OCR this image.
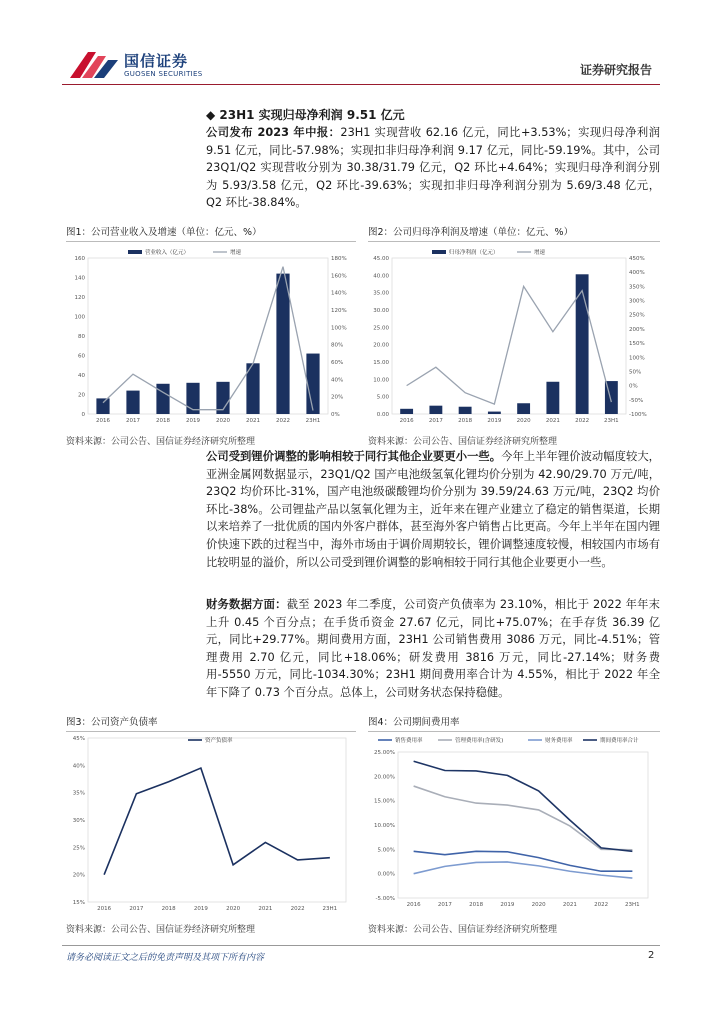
国信证券
GUOSEN SECURITIES	证券研究报告
◆ 23H1 实现归母净利润 9.51 亿元
公司发布 2023 年中报：23H1 实现营收 62.16 亿元，同比+3.53%；实现归母净利润 9.51 亿元，同比-57.98%；实现扣非归母净利润 9.17 亿元，同比-59.19%。其中，公司 23Q1/Q2 实现营收分别为 30.38/31.79 亿元，Q2 环比+4.64%；实现归母净利润分别为 5.93/3.58 亿元，Q2 环比-39.63%；实现扣非归母净利润分别为 5.69/3.48 亿元，Q2 环比-38.84%。
图1：公司营业收入及增速（单位：亿元、%）	图2：公司归母净利润及增速（单位：亿元、%）
0
20
40
60
80
100
120
140
160
0%
20%
40%
60%
80%
100%
120%
140%
160%
180%
2016	2017	2018	2019	2020	2021	2022	23H1
营业收入（亿元）	增速
0.00
5.00
10.00
15.00
20.00
25.00
30.00
35.00
40.00
45.00
-100%
-50%
0%
50%
100%
150%
200%
250%
300%
350%
400%
450%
2016	2017	2018	2019	2020	2021	2022	23H1
归母净利润（亿元）	增速
资料来源：公司公告、国信证券经济研究所整理	资料来源：公司公告、国信证券经济研究所整理
公司受到锂价调整的影响相较于同行其他企业要更小一些。今年上半年锂价波动幅度较大，亚洲金属网数据显示，23Q1/Q2 国产电池级氢氧化锂均价分别为 42.90/29.70 万元/吨，23Q2 均价环比-31%，国产电池级碳酸锂均价分别为 39.59/24.63 万元/吨，23Q2 均价环比-38%。公司锂盐产品以氢氧化锂为主，近年来在锂产业建立了稳定的销售渠道，长期以来培养了一批优质的国内外客户群体，甚至海外客户销售占比更高。今年上半年在国内锂价快速下跌的过程当中，海外市场由于调价周期较长，锂价调整速度较慢，相较国内市场有比较明显的溢价，所以公司受到锂价调整的影响相较于同行其他企业要更小一些。
财务数据方面：截至 2023 年二季度，公司资产负债率为 23.10%，相比于 2022 年年末上升 0.45 个百分点；在手货币资金 27.67 亿元，同比+75.07%；在手存货 36.39 亿元，同比+29.77%。期间费用方面，23H1 公司销售费用 3086 万元，同比-4.51%；管理费用 2.70 亿元，同比+18.06%；研发费用 3816 万元，同比-27.14%；财务费用-5550 万元，同比-1034.30%；23H1 期间费用率合计为 4.55%，相比于 2022 年全年下降了 0.73 个百分点。总体上，公司财务状态保持稳健。
图3：公司资产负债率	图4：公司期间费用率
15%
20%
25%
30%
35%
40%
45%
2016	2017	2018	2019	2020	2021	2022	23H1
资产负债率
-5.00%
0.00%
5.00%
10.00%
15.00%
20.00%
25.00%
2016	2017	2018	2019	2020	2021	2022	23H1
销售费用率	管理费用率(含研发)	财务费用率	期间费用率合计
资料来源：公司公告、国信证券经济研究所整理	资料来源：公司公告、国信证券经济研究所整理
请务必阅读正文之后的免责声明及其项下所有内容	2
